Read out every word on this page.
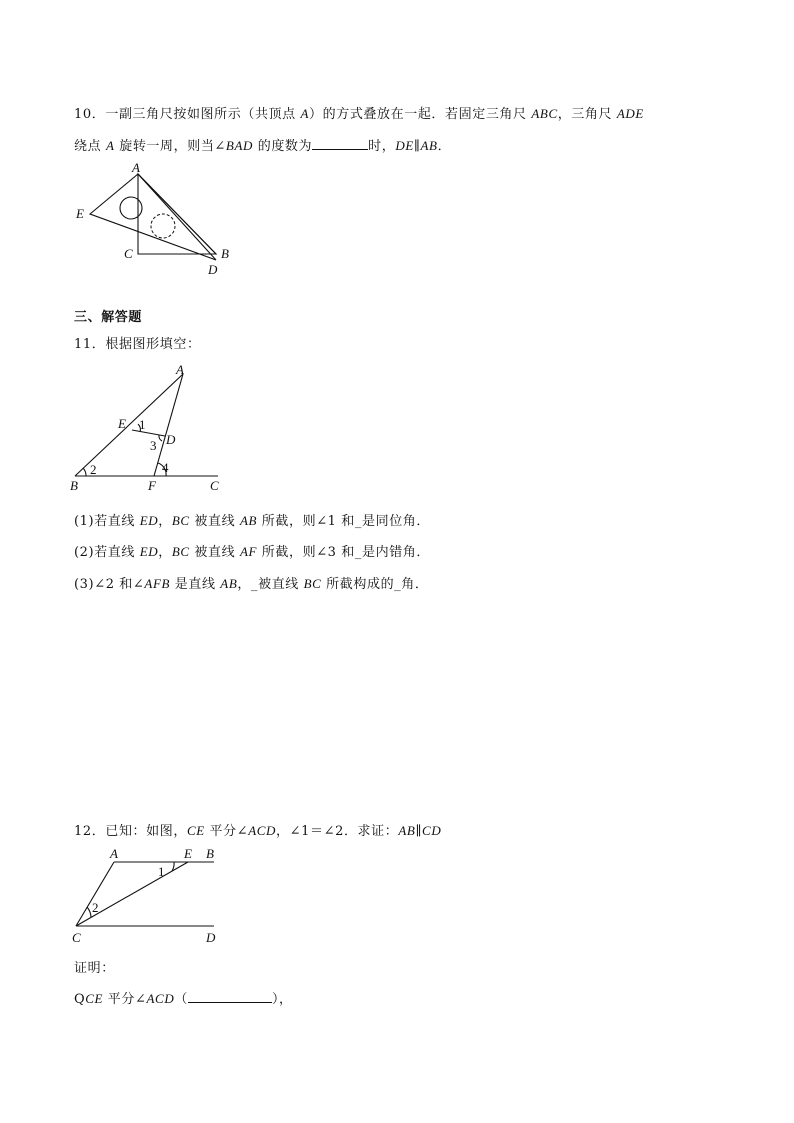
10．一副三角尺按如图所示（共顶点 A）的方式叠放在一起．若固定三角尺 ABC，三角尺 ADE
绕点 A 旋转一周，则当∠BAD 的度数为	时，DE∥AB．
A
E
C	B
D
三、解答题
11．根据图形填空：
A
E
D
B	F	C
1
2
3
4
(1)若直线 ED，BC 被直线 AB 所截，则∠1 和_是同位角．
(2)若直线 ED，BC 被直线 AF 所截，则∠3 和_是内错角．
(3)∠2 和∠AFB 是直线 AB，_被直线 BC 所截构成的_角．
12．已知：如图，CE 平分∠ACD，∠1＝∠2．求证：AB∥CD
A	E B
C	D
1
2
证明：
QCE 平分∠ACD（	），
